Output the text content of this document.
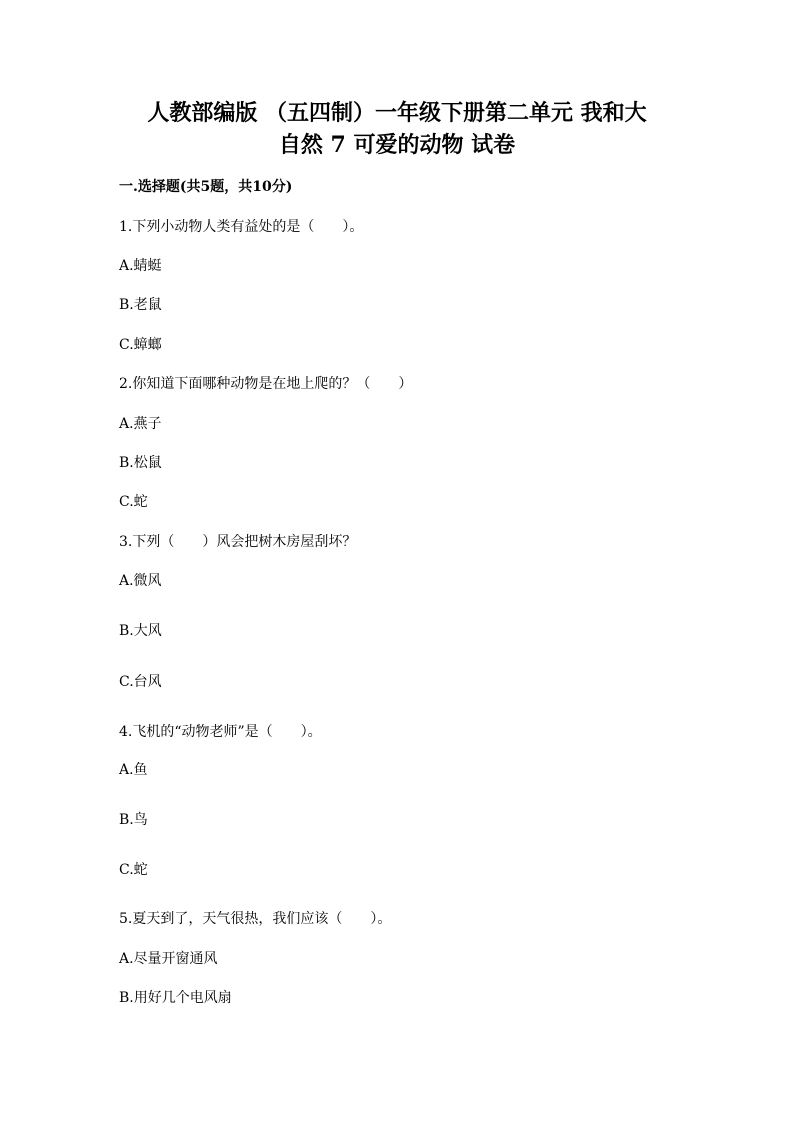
人教部编版 （五四制）一年级下册第二单元 我和大
自然 7 可爱的动物 试卷
一.选择题(共5题，共10分)
1.下列小动物人类有益处的是（　　）。
A.蜻蜓
B.老鼠
C.蟑螂
2.你知道下面哪种动物是在地上爬的？（　　）
A.燕子
B.松鼠
C.蛇
3.下列（　　）风会把树木房屋刮坏？
A.微风
B.大风
C.台风
4.飞机的“动物老师”是（　　）。
A.鱼
B.鸟
C.蛇
5.夏天到了，天气很热，我们应该（　　）。
A.尽量开窗通风
B.用好几个电风扇
